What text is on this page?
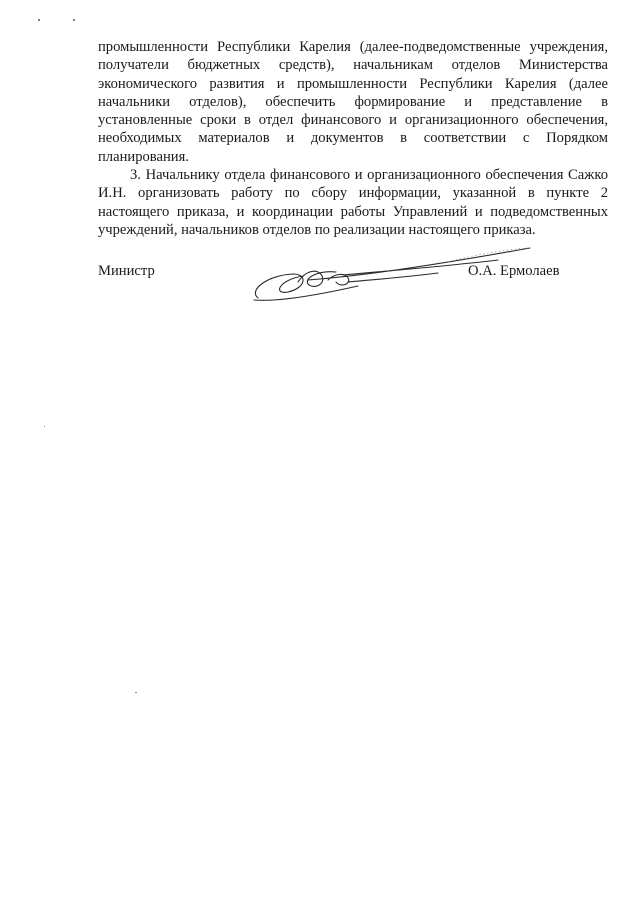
промышленности Республики Карелия (далее-подведомственные учреждения, получатели бюджетных средств), начальникам отделов Министерства экономического развития и промышленности Республики Карелия (далее начальники отделов), обеспечить формирование и представление в установленные сроки в отдел финансового и организационного обеспечения, необходимых материалов и документов в соответствии с Порядком планирования.

3. Начальнику отдела финансового и организационного обеспечения Сажко И.Н. организовать работу по сбору информации, указанной в пункте 2 настоящего приказа, и координации работы Управлений и подведомственных учреждений, начальников отделов по реализации настоящего приказа.

Министр	О.А. Ермолаев
